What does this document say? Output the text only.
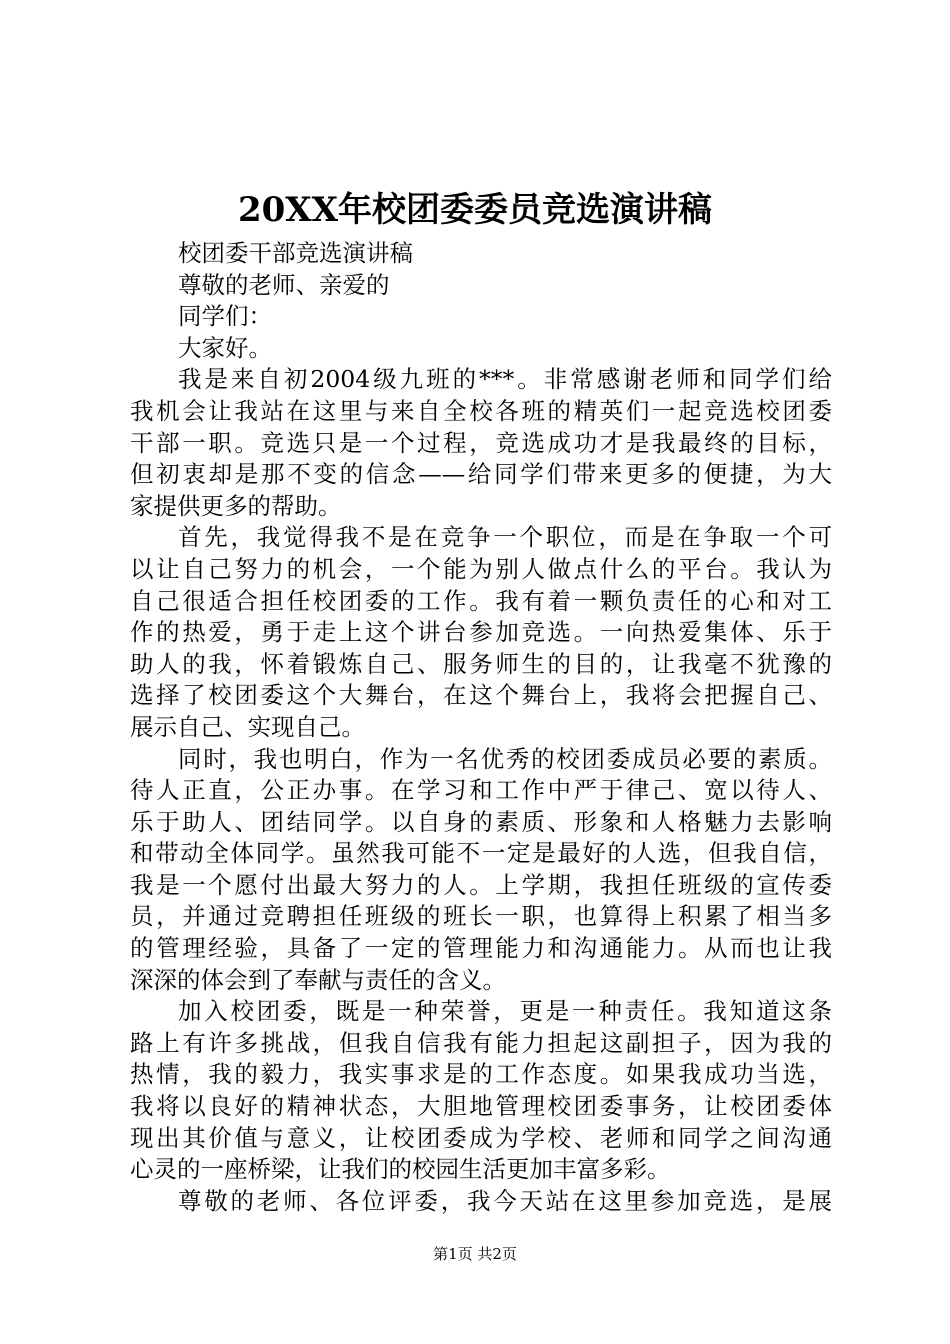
20XX年校团委委员竞选演讲稿
校团委干部竞选演讲稿
尊敬的老师、亲爱的
同学们：
大家好。
我是来自初2004级九班的***。非常感谢老师和同学们给
我机会让我站在这里与来自全校各班的精英们一起竞选校团委
干部一职。竞选只是一个过程，竞选成功才是我最终的目标，
但初衷却是那不变的信念——给同学们带来更多的便捷，为大
家提供更多的帮助。
首先，我觉得我不是在竞争一个职位，而是在争取一个可
以让自己努力的机会，一个能为别人做点什么的平台。我认为
自己很适合担任校团委的工作。我有着一颗负责任的心和对工
作的热爱，勇于走上这个讲台参加竞选。一向热爱集体、乐于
助人的我，怀着锻炼自己、服务师生的目的，让我毫不犹豫的
选择了校团委这个大舞台，在这个舞台上，我将会把握自己、
展示自己、实现自己。
同时，我也明白，作为一名优秀的校团委成员必要的素质。
待人正直，公正办事。在学习和工作中严于律己、宽以待人、
乐于助人、团结同学。以自身的素质、形象和人格魅力去影响
和带动全体同学。虽然我可能不一定是最好的人选，但我自信，
我是一个愿付出最大努力的人。上学期，我担任班级的宣传委
员，并通过竞聘担任班级的班长一职，也算得上积累了相当多
的管理经验，具备了一定的管理能力和沟通能力。从而也让我
深深的体会到了奉献与责任的含义。
加入校团委，既是一种荣誉，更是一种责任。我知道这条
路上有许多挑战，但我自信我有能力担起这副担子，因为我的
热情，我的毅力，我实事求是的工作态度。如果我成功当选，
我将以良好的精神状态，大胆地管理校团委事务，让校团委体
现出其价值与意义，让校团委成为学校、老师和同学之间沟通
心灵的一座桥梁，让我们的校园生活更加丰富多彩。
尊敬的老师、各位评委，我今天站在这里参加竞选，是展
第1页 共2页
